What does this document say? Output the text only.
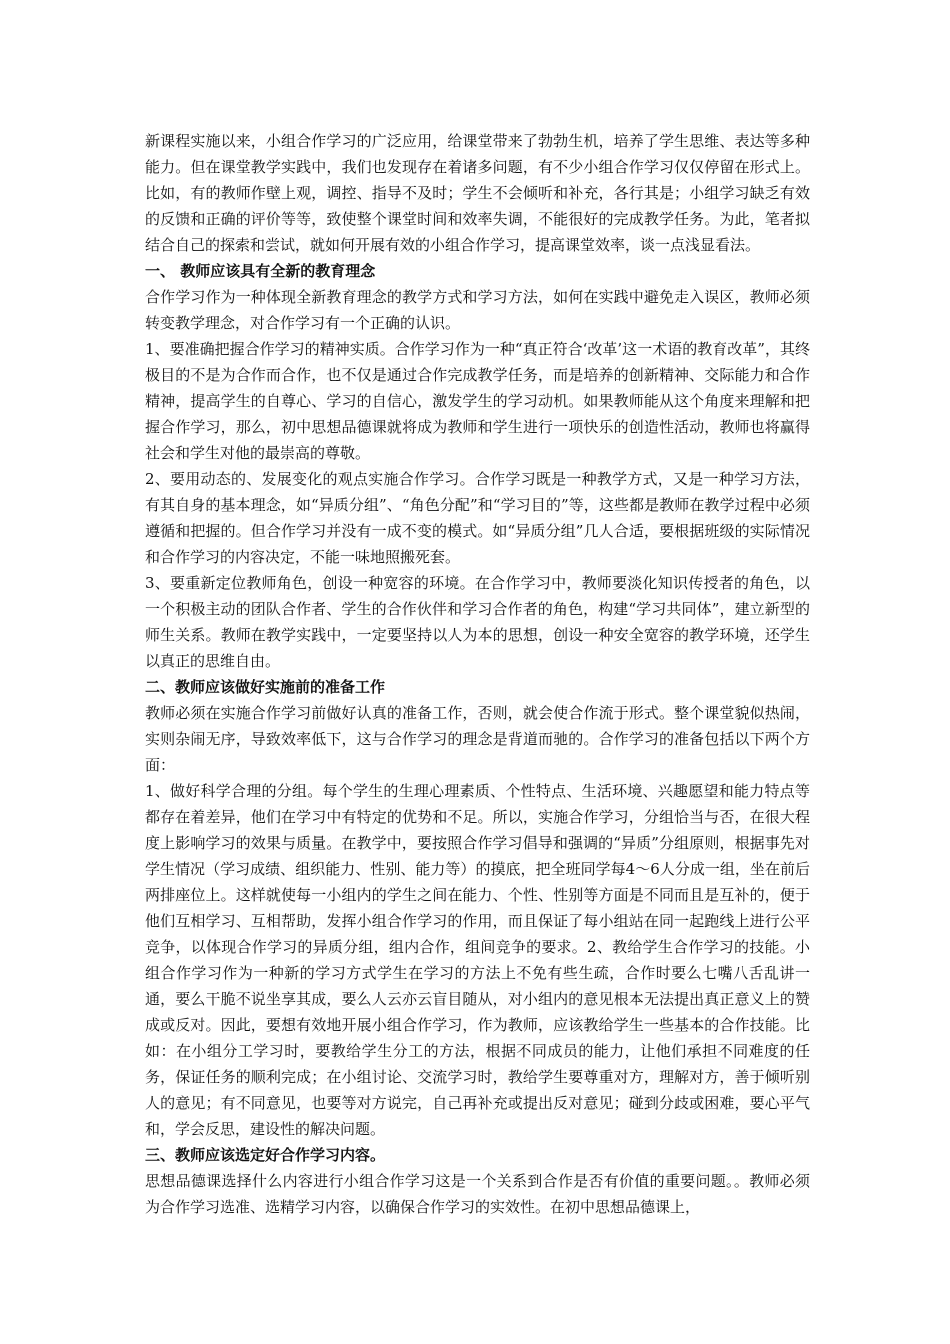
新课程实施以来，小组合作学习的广泛应用，给课堂带来了勃勃生机，培养了学生思维、表达等多种能力。但在课堂教学实践中，我们也发现存在着诸多问题，有不少小组合作学习仅仅停留在形式上。比如，有的教师作壁上观，调控、指导不及时；学生不会倾听和补充，各行其是；小组学习缺乏有效的反馈和正确的评价等等，致使整个课堂时间和效率失调，不能很好的完成教学任务。为此，笔者拟结合自己的探索和尝试，就如何开展有效的小组合作学习，提高课堂效率，谈一点浅显看法。

一、 教师应该具有全新的教育理念

合作学习作为一种体现全新教育理念的教学方式和学习方法，如何在实践中避免走入误区，教师必须转变教学理念，对合作学习有一个正确的认识。

1、要准确把握合作学习的精神实质。合作学习作为一种“真正符合‘改革’这一术语的教育改革”，其终极目的不是为合作而合作，也不仅是通过合作完成教学任务，而是培养的创新精神、交际能力和合作精神，提高学生的自尊心、学习的自信心，激发学生的学习动机。如果教师能从这个角度来理解和把握合作学习，那么，初中思想品德课就将成为教师和学生进行一项快乐的创造性活动，教师也将赢得社会和学生对他的最崇高的尊敬。

2、要用动态的、发展变化的观点实施合作学习。合作学习既是一种教学方式，又是一种学习方法，有其自身的基本理念，如“异质分组”、“角色分配”和“学习目的”等，这些都是教师在教学过程中必须遵循和把握的。但合作学习并没有一成不变的模式。如“异质分组”几人合适，要根据班级的实际情况和合作学习的内容决定，不能一味地照搬死套。

3、要重新定位教师角色，创设一种宽容的环境。在合作学习中，教师要淡化知识传授者的角色，以一个积极主动的团队合作者、学生的合作伙伴和学习合作者的角色，构建“学习共同体”，建立新型的师生关系。教师在教学实践中，一定要坚持以人为本的思想，创设一种安全宽容的教学环境，还学生以真正的思维自由。

二、教师应该做好实施前的准备工作

教师必须在实施合作学习前做好认真的准备工作，否则，就会使合作流于形式。整个课堂貌似热闹，实则杂闹无序，导致效率低下，这与合作学习的理念是背道而驰的。合作学习的准备包括以下两个方面：

1、做好科学合理的分组。每个学生的生理心理素质、个性特点、生活环境、兴趣愿望和能力特点等都存在着差异，他们在学习中有特定的优势和不足。所以，实施合作学习，分组恰当与否，在很大程度上影响学习的效果与质量。在教学中，要按照合作学习倡导和强调的“异质”分组原则，根据事先对学生情况（学习成绩、组织能力、性别、能力等）的摸底，把全班同学每4～6人分成一组，坐在前后两排座位上。这样就使每一小组内的学生之间在能力、个性、性别等方面是不同而且是互补的，便于他们互相学习、互相帮助，发挥小组合作学习的作用，而且保证了每小组站在同一起跑线上进行公平竞争，以体现合作学习的异质分组，组内合作，组间竞争的要求。2、教给学生合作学习的技能。小组合作学习作为一种新的学习方式学生在学习的方法上不免有些生疏，合作时要么七嘴八舌乱讲一通，要么干脆不说坐享其成，要么人云亦云盲目随从，对小组内的意见根本无法提出真正意义上的赞成或反对。因此，要想有效地开展小组合作学习，作为教师，应该教给学生一些基本的合作技能。比如：在小组分工学习时，要教给学生分工的方法，根据不同成员的能力，让他们承担不同难度的任务，保证任务的顺利完成；在小组讨论、交流学习时，教给学生要尊重对方，理解对方，善于倾听别人的意见；有不同意见，也要等对方说完，自己再补充或提出反对意见；碰到分歧或困难，要心平气和，学会反思，建设性的解决问题。

三、教师应该选定好合作学习内容。

思想品德课选择什么内容进行小组合作学习这是一个关系到合作是否有价值的重要问题。。教师必须为合作学习选准、选精学习内容，以确保合作学习的实效性。在初中思想品德课上，
